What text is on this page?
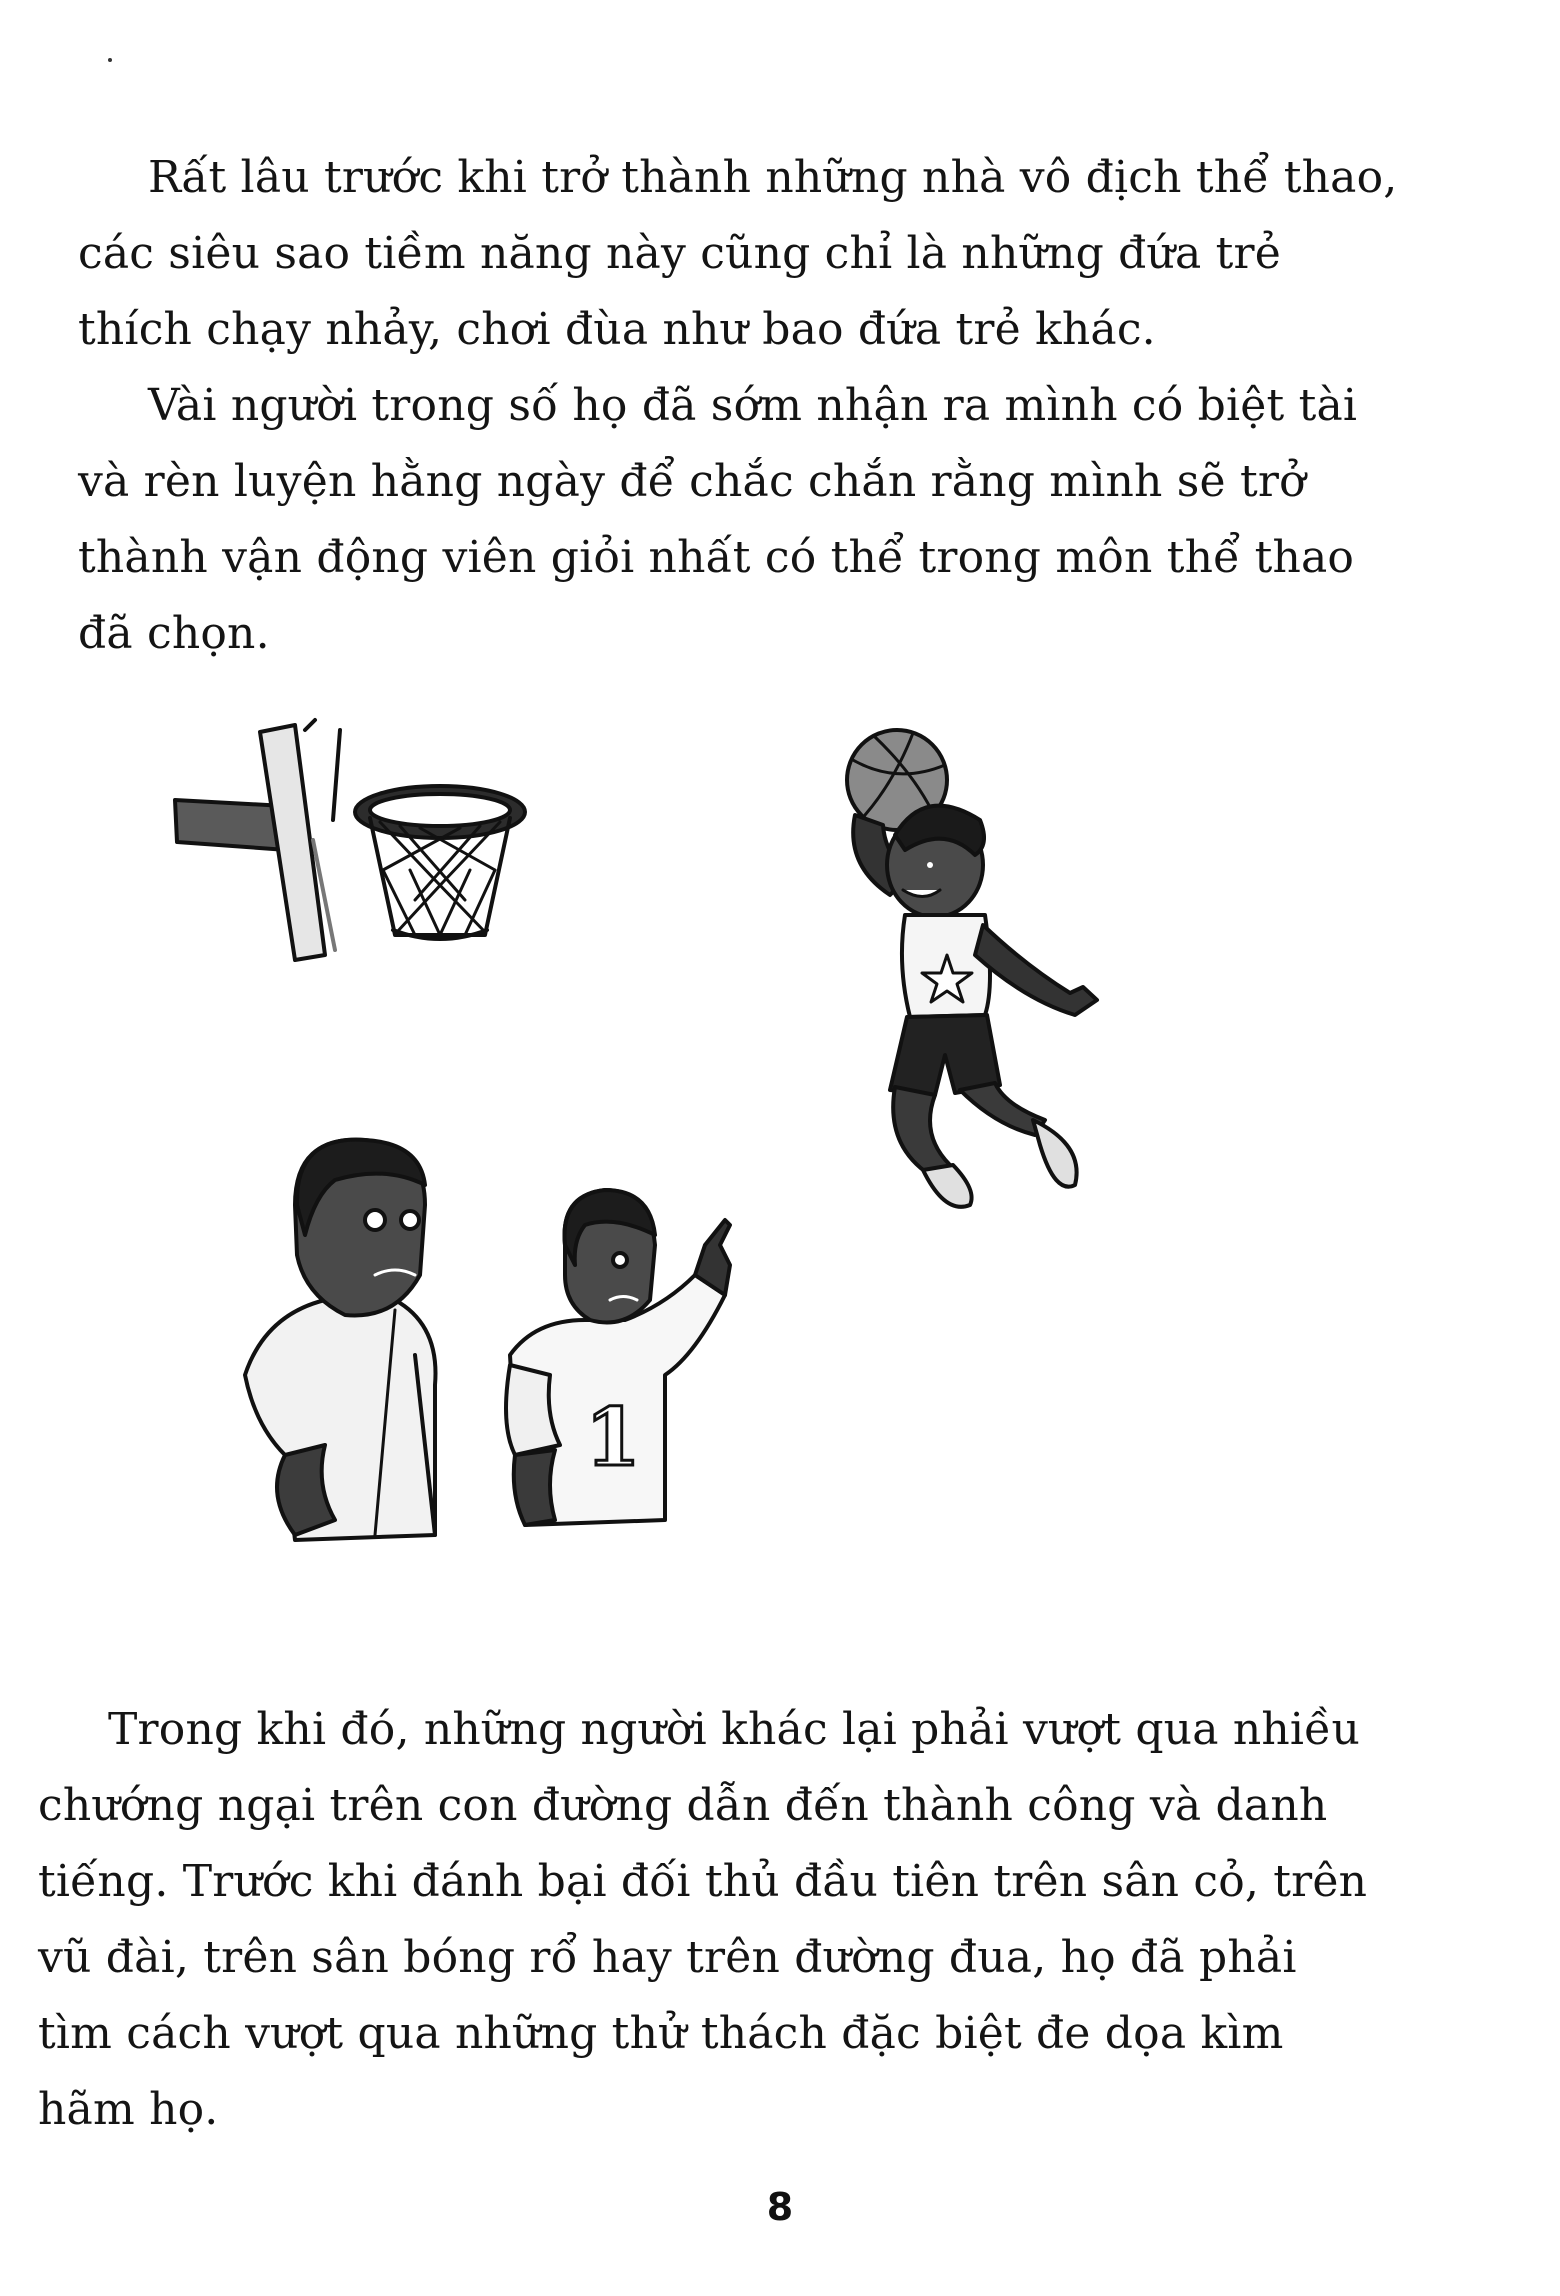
Rất lâu trước khi trở thành những nhà vô địch thể thao, các siêu sao tiềm năng này cũng chỉ là những đứa trẻ thích chạy nhảy, chơi đùa như bao đứa trẻ khác.

Vài người trong số họ đã sớm nhận ra mình có biệt tài và rèn luyện hằng ngày để chắc chắn rằng mình sẽ trở thành vận động viên giỏi nhất có thể trong môn thể thao đã chọn.

1

Trong khi đó, những người khác lại phải vượt qua nhiều chướng ngại trên con đường dẫn đến thành công và danh tiếng. Trước khi đánh bại đối thủ đầu tiên trên sân cỏ, trên vũ đài, trên sân bóng rổ hay trên đường đua, họ đã phải tìm cách vượt qua những thử thách đặc biệt đe dọa kìm hãm họ.

8
